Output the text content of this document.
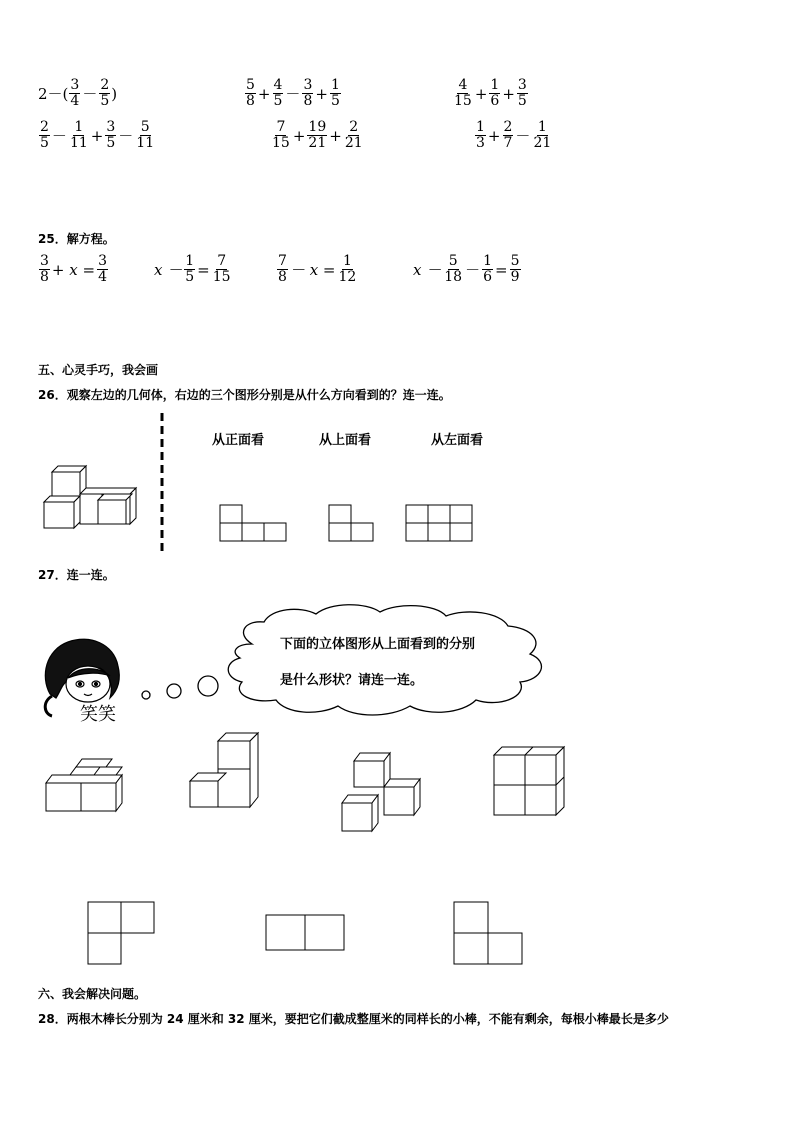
$2-( \frac{3}{4} - \frac{2}{5}$ )	$\frac{5}{8} + \frac{4}{5} - \frac{3}{8} + \frac{1}{5}$	$\frac{4}{15} + \frac{1}{6} + \frac{3}{5}$
$\frac{2}{5} - \frac{1}{11} + \frac{3}{5} - \frac{5}{11}$	$\frac{7}{15} + \frac{19}{21} + \frac{2}{21}$	$\frac{1}{3} + \frac{2}{7} - \frac{1}{21}$
25．解方程。
$\frac{3}{8} + x = \frac{3}{4}$	$x - \frac{1}{5} = \frac{7}{15}$	$\frac{7}{8} - x = \frac{1}{12}$	$x - \frac{5}{18} - \frac{1}{6} = \frac{5}{9}$
五、心灵手巧，我会画
26．观察左边的几何体，右边的三个图形分别是从什么方向看到的？连一连。
从正面看	从上面看	从左面看
27．连一连。
笑笑
下面的立体图形从上面看到的分别
是什么形状？请连一连。
六、我会解决问题。
28．两根木棒长分别为 24 厘米和 32 厘米，要把它们截成整厘米的同样长的小棒，不能有剩余，每根小棒最长是多少
